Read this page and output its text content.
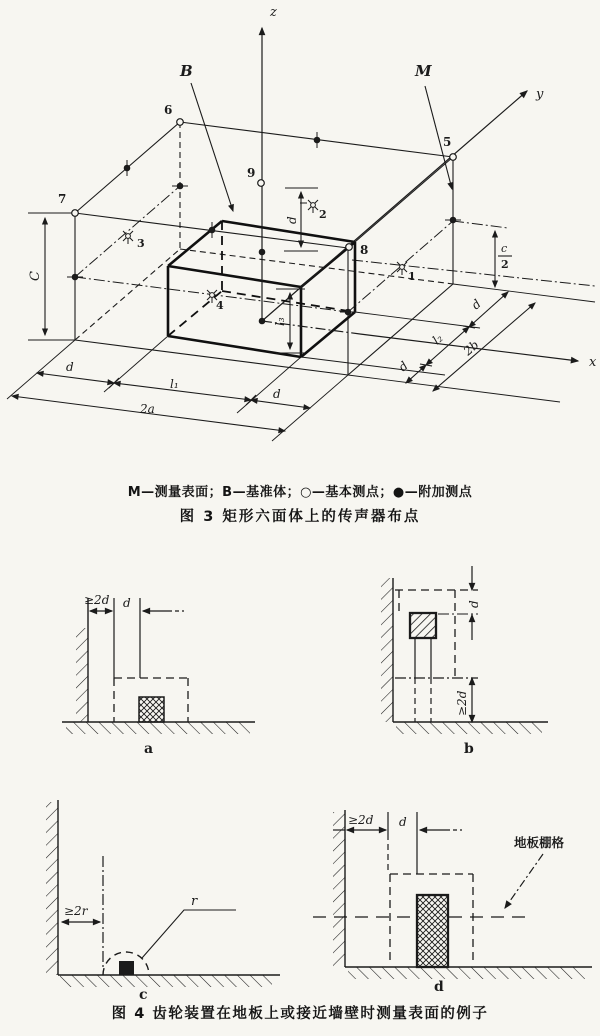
z
y
x
B	M
6
7
5
8
9
1
2
3
4
C
d
l₃
c
2
d
l₁
d
2a
d
l₂
d
2b
≥2d d
a
d
≥2d
b
≥2r
r
c
≥2d d
地板棚格
d
M—测量表面；B—基准体；○—基本测点；●—附加测点
图 3 矩形六面体上的传声器布点
图 4 齿轮装置在地板上或接近墙壁时测量表面的例子
